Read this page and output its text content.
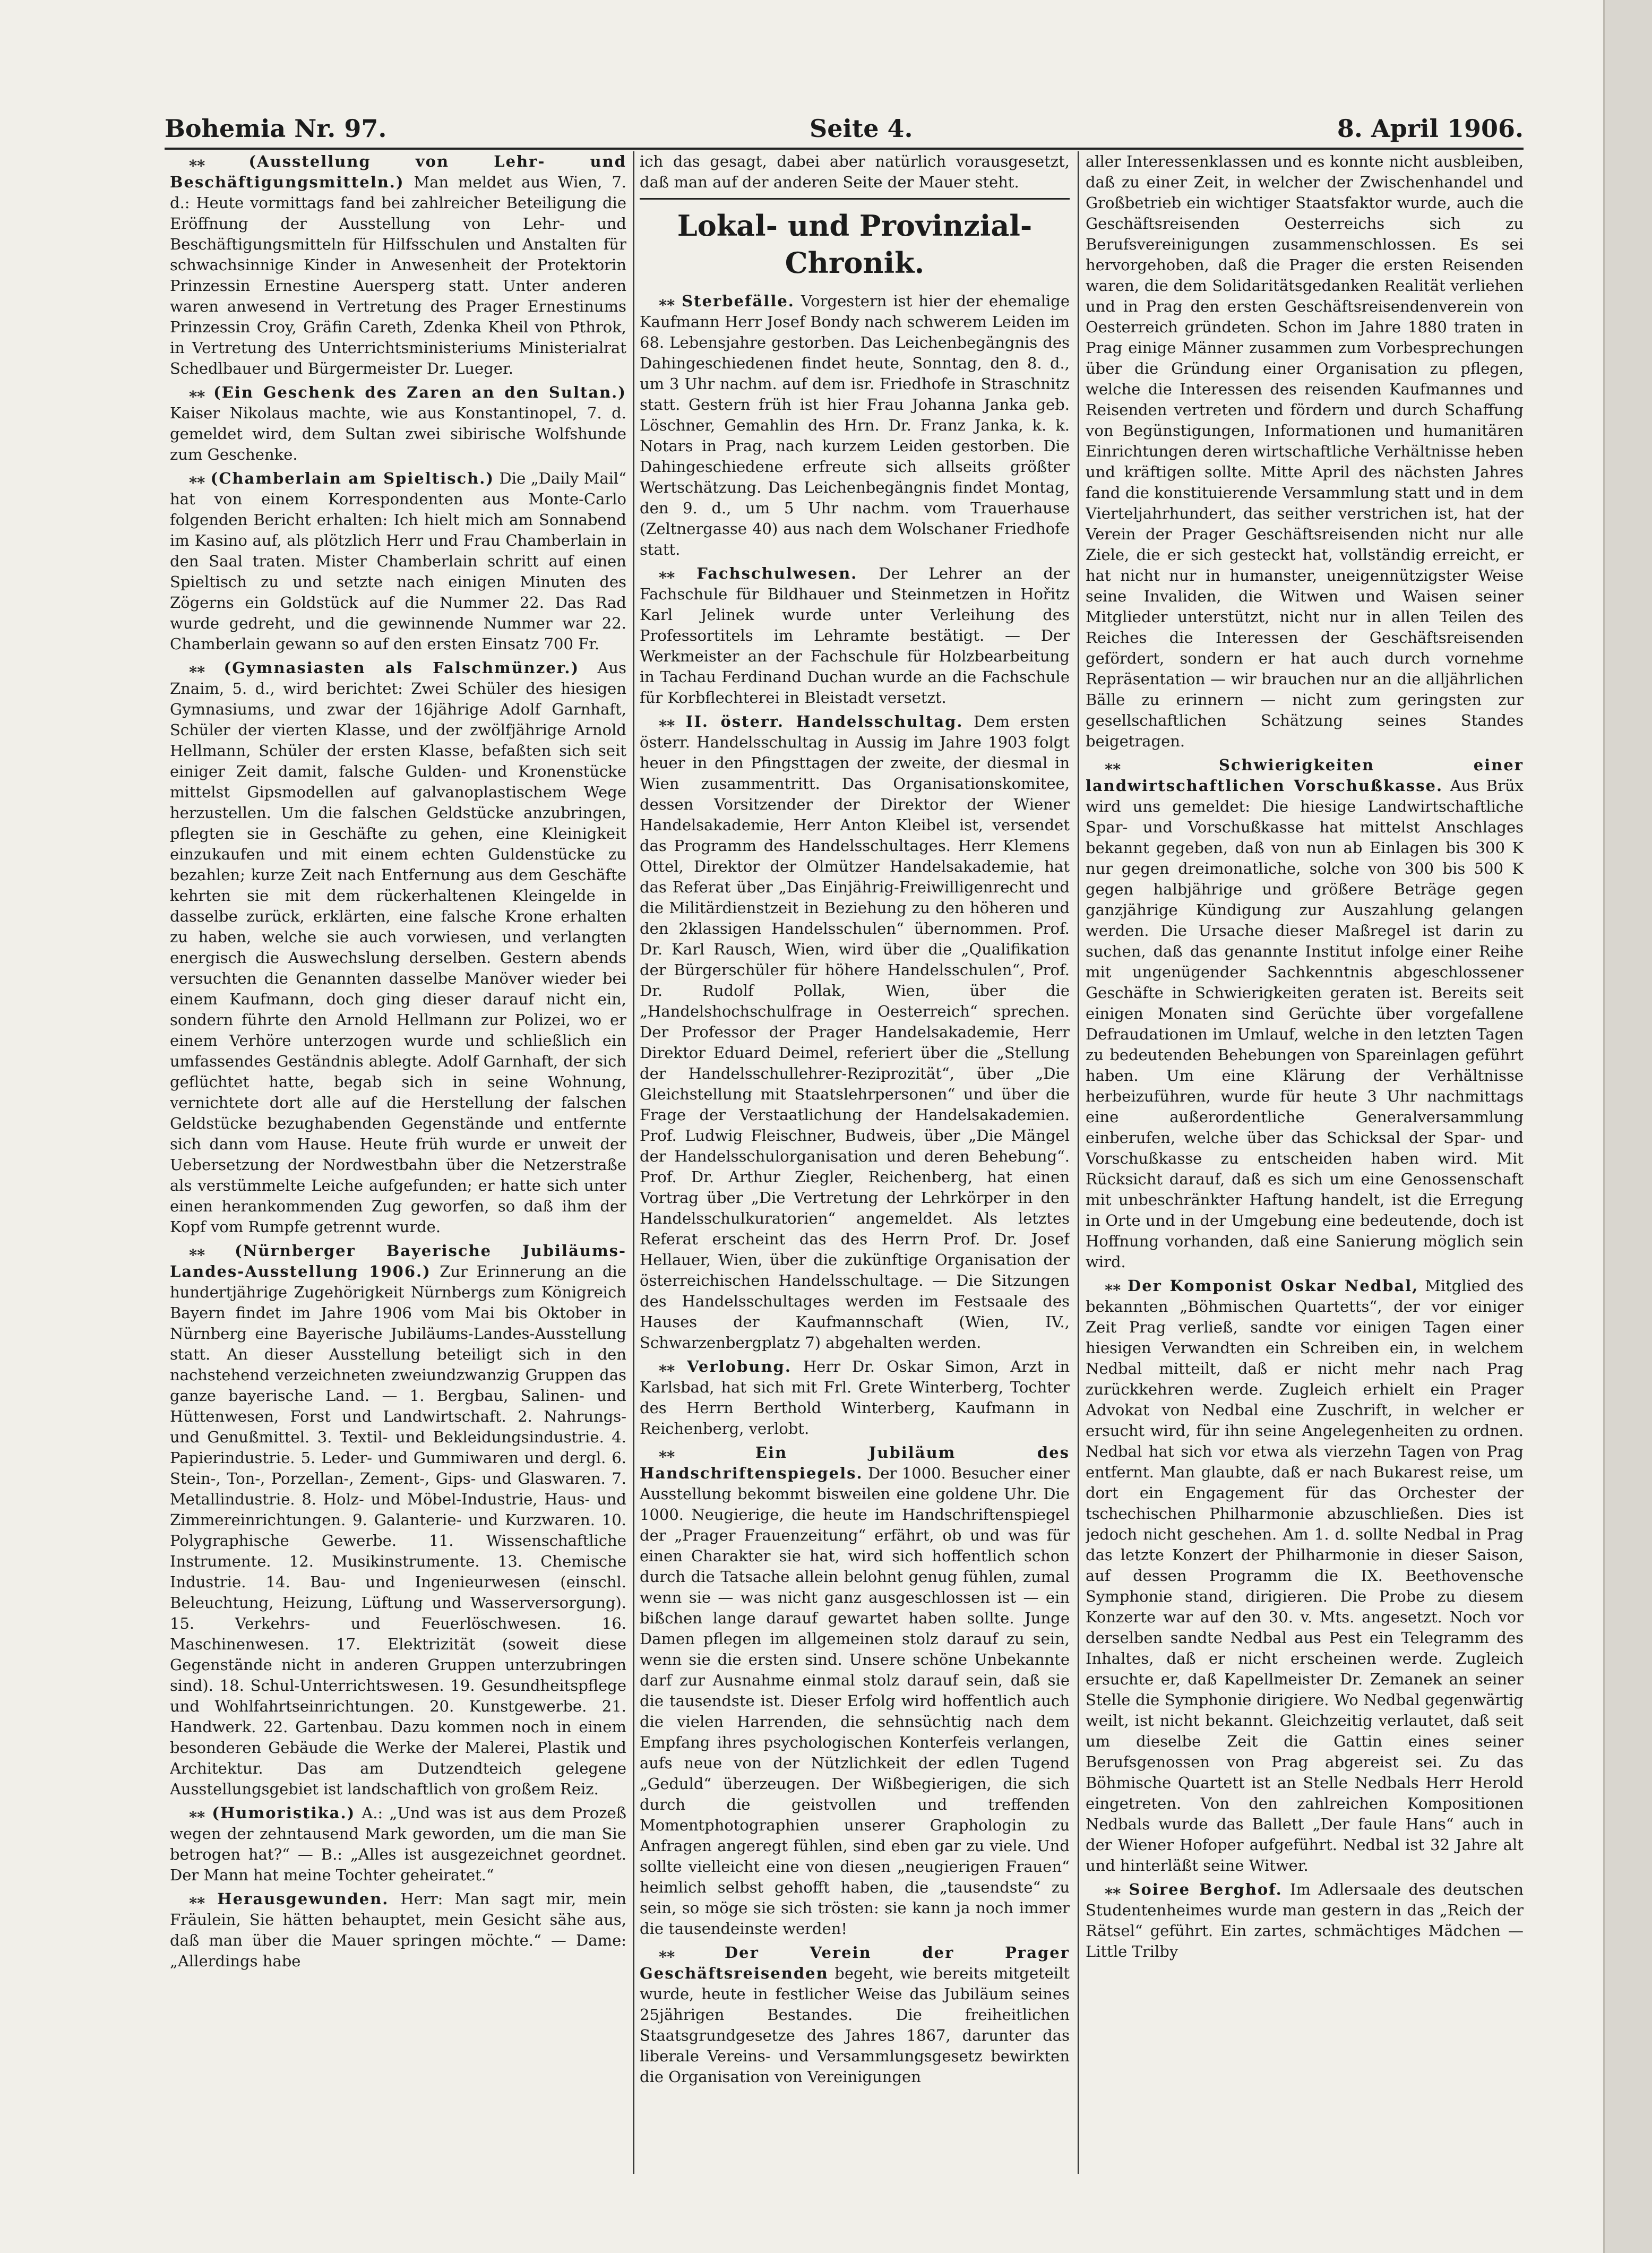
Bohemia Nr. 97.	Seite 4.	8. April 1906.

⁎⁎ (Ausstellung von Lehr- und Beschäftigungsmitteln.) Man meldet aus Wien, 7. d.: Heute vormittags fand bei zahlreicher Beteiligung die Eröffnung der Ausstellung von Lehr- und Beschäftigungsmitteln für Hilfsschulen und Anstalten für schwachsinnige Kinder in Anwesenheit der Protektorin Prinzessin Ernestine Auersperg statt. Unter anderen waren anwesend in Vertretung des Prager Ernestinums Prinzessin Croy, Gräfin Careth, Zdenka Kheil von Pthrok, in Vertretung des Unterrichtsministeriums Ministerialrat Schedlbauer und Bürgermeister Dr. Lueger.

⁎⁎ (Ein Geschenk des Zaren an den Sultan.) Kaiser Nikolaus machte, wie aus Konstantinopel, 7. d. gemeldet wird, dem Sultan zwei sibirische Wolfshunde zum Geschenke.

⁎⁎ (Chamberlain am Spieltisch.) Die „Daily Mail“ hat von einem Korrespondenten aus Monte-Carlo folgenden Bericht erhalten: Ich hielt mich am Sonnabend im Kasino auf, als plötzlich Herr und Frau Chamberlain in den Saal traten. Mister Chamberlain schritt auf einen Spieltisch zu und setzte nach einigen Minuten des Zögerns ein Goldstück auf die Nummer 22. Das Rad wurde gedreht, und die gewinnende Nummer war 22. Chamberlain gewann so auf den ersten Einsatz 700 Fr.

⁎⁎ (Gymnasiasten als Falschmünzer.) Aus Znaim, 5. d., wird berichtet: Zwei Schüler des hiesigen Gymnasiums, und zwar der 16jährige Adolf Garnhaft, Schüler der vierten Klasse, und der zwölfjährige Arnold Hellmann, Schüler der ersten Klasse, befaßten sich seit einiger Zeit damit, falsche Gulden- und Kronenstücke mittelst Gipsmodellen auf galvanoplastischem Wege herzustellen. Um die falschen Geldstücke anzubringen, pflegten sie in Geschäfte zu gehen, eine Kleinigkeit einzukaufen und mit einem echten Guldenstücke zu bezahlen; kurze Zeit nach Entfernung aus dem Geschäfte kehrten sie mit dem rückerhaltenen Kleingelde in dasselbe zurück, erklärten, eine falsche Krone erhalten zu haben, welche sie auch vorwiesen, und verlangten energisch die Auswechslung derselben. Gestern abends versuchten die Genannten dasselbe Manöver wieder bei einem Kaufmann, doch ging dieser darauf nicht ein, sondern führte den Arnold Hellmann zur Polizei, wo er einem Verhöre unterzogen wurde und schließlich ein umfassendes Geständnis ablegte. Adolf Garnhaft, der sich geflüchtet hatte, begab sich in seine Wohnung, vernichtete dort alle auf die Herstellung der falschen Geldstücke bezughabenden Gegenstände und entfernte sich dann vom Hause. Heute früh wurde er unweit der Uebersetzung der Nordwestbahn über die Netzerstraße als verstümmelte Leiche aufgefunden; er hatte sich unter einen herankommenden Zug geworfen, so daß ihm der Kopf vom Rumpfe getrennt wurde.

⁎⁎ (Nürnberger Bayerische Jubiläums-Landes-Ausstellung 1906.) Zur Erinnerung an die hundertjährige Zugehörigkeit Nürnbergs zum Königreich Bayern findet im Jahre 1906 vom Mai bis Oktober in Nürnberg eine Bayerische Jubiläums-Landes-Ausstellung statt. An dieser Ausstellung beteiligt sich in den nachstehend verzeichneten zweiundzwanzig Gruppen das ganze bayerische Land. — 1. Bergbau, Salinen- und Hüttenwesen, Forst und Landwirtschaft. 2. Nahrungs- und Genußmittel. 3. Textil- und Bekleidungsindustrie. 4. Papierindustrie. 5. Leder- und Gummiwaren und dergl. 6. Stein-, Ton-, Porzellan-, Zement-, Gips- und Glaswaren. 7. Metallindustrie. 8. Holz- und Möbel-Industrie, Haus- und Zimmereinrichtungen. 9. Galanterie- und Kurzwaren. 10. Polygraphische Gewerbe. 11. Wissenschaftliche Instrumente. 12. Musikinstrumente. 13. Chemische Industrie. 14. Bau- und Ingenieurwesen (einschl. Beleuchtung, Heizung, Lüftung und Wasserversorgung). 15. Verkehrs- und Feuerlöschwesen. 16. Maschinenwesen. 17. Elektrizität (soweit diese Gegenstände nicht in anderen Gruppen unterzubringen sind). 18. Schul-Unterrichtswesen. 19. Gesundheitspflege und Wohlfahrtseinrichtungen. 20. Kunstgewerbe. 21. Handwerk. 22. Gartenbau. Dazu kommen noch in einem besonderen Gebäude die Werke der Malerei, Plastik und Architektur. Das am Dutzendteich gelegene Ausstellungsgebiet ist landschaftlich von großem Reiz.

⁎⁎ (Humoristika.) A.: „Und was ist aus dem Prozeß wegen der zehntausend Mark geworden, um die man Sie betrogen hat?“ — B.: „Alles ist ausgezeichnet geordnet. Der Mann hat meine Tochter geheiratet.“

⁎⁎ Herausgewunden. Herr: Man sagt mir, mein Fräulein, Sie hätten behauptet, mein Gesicht sähe aus, daß man über die Mauer springen möchte.“ — Dame: „Allerdings habe

ich das gesagt, dabei aber natürlich vorausgesetzt, daß man auf der anderen Seite der Mauer steht.

Lokal- und Provinzial-Chronik.

⁎⁎ Sterbefälle. Vorgestern ist hier der ehemalige Kaufmann Herr Josef Bondy nach schwerem Leiden im 68. Lebensjahre gestorben. Das Leichenbegängnis des Dahingeschiedenen findet heute, Sonntag, den 8. d., um 3 Uhr nachm. auf dem isr. Friedhofe in Straschnitz statt. Gestern früh ist hier Frau Johanna Janka geb. Löschner, Gemahlin des Hrn. Dr. Franz Janka, k. k. Notars in Prag, nach kurzem Leiden gestorben. Die Dahingeschiedene erfreute sich allseits größter Wertschätzung. Das Leichenbegängnis findet Montag, den 9. d., um 5 Uhr nachm. vom Trauerhause (Zeltnergasse 40) aus nach dem Wolschaner Friedhofe statt.

⁎⁎ Fachschulwesen. Der Lehrer an der Fachschule für Bildhauer und Steinmetzen in Hořitz Karl Jelinek wurde unter Verleihung des Professortitels im Lehramte bestätigt. — Der Werkmeister an der Fachschule für Holzbearbeitung in Tachau Ferdinand Duchan wurde an die Fachschule für Korbflechterei in Bleistadt versetzt.

⁎⁎ II. österr. Handelsschultag. Dem ersten österr. Handelsschultag in Aussig im Jahre 1903 folgt heuer in den Pfingsttagen der zweite, der diesmal in Wien zusammentritt. Das Organisationskomitee, dessen Vorsitzender der Direktor der Wiener Handelsakademie, Herr Anton Kleibel ist, versendet das Programm des Handelsschultages. Herr Klemens Ottel, Direktor der Olmützer Handelsakademie, hat das Referat über „Das Einjährig-Freiwilligenrecht und die Militärdienstzeit in Beziehung zu den höheren und den 2klassigen Handelsschulen“ übernommen. Prof. Dr. Karl Rausch, Wien, wird über die „Qualifikation der Bürgerschüler für höhere Handelsschulen“, Prof. Dr. Rudolf Pollak, Wien, über die „Handelshochschulfrage in Oesterreich“ sprechen. Der Professor der Prager Handelsakademie, Herr Direktor Eduard Deimel, referiert über die „Stellung der Handelsschullehrer-Reziprozität“, über „Die Gleichstellung mit Staatslehrpersonen“ und über die Frage der Verstaatlichung der Handelsakademien. Prof. Ludwig Fleischner, Budweis, über „Die Mängel der Handelsschulorganisation und deren Behebung“. Prof. Dr. Arthur Ziegler, Reichenberg, hat einen Vortrag über „Die Vertretung der Lehrkörper in den Handelsschulkuratorien“ angemeldet. Als letztes Referat erscheint das des Herrn Prof. Dr. Josef Hellauer, Wien, über die zukünftige Organisation der österreichischen Handelsschultage. — Die Sitzungen des Handelsschultages werden im Festsaale des Hauses der Kaufmannschaft (Wien, IV., Schwarzenbergplatz 7) abgehalten werden.

⁎⁎ Verlobung. Herr Dr. Oskar Simon, Arzt in Karlsbad, hat sich mit Frl. Grete Winterberg, Tochter des Herrn Berthold Winterberg, Kaufmann in Reichenberg, verlobt.

⁎⁎ Ein Jubiläum des Handschriftenspiegels. Der 1000. Besucher einer Ausstellung bekommt bisweilen eine goldene Uhr. Die 1000. Neugierige, die heute im Handschriftenspiegel der „Prager Frauenzeitung“ erfährt, ob und was für einen Charakter sie hat, wird sich hoffentlich schon durch die Tatsache allein belohnt genug fühlen, zumal wenn sie — was nicht ganz ausgeschlossen ist — ein bißchen lange darauf gewartet haben sollte. Junge Damen pflegen im allgemeinen stolz darauf zu sein, wenn sie die ersten sind. Unsere schöne Unbekannte darf zur Ausnahme einmal stolz darauf sein, daß sie die tausendste ist. Dieser Erfolg wird hoffentlich auch die vielen Harrenden, die sehnsüchtig nach dem Empfang ihres psychologischen Konterfeis verlangen, aufs neue von der Nützlichkeit der edlen Tugend „Geduld“ überzeugen. Der Wißbegierigen, die sich durch die geistvollen und treffenden Momentphotographien unserer Graphologin zu Anfragen angeregt fühlen, sind eben gar zu viele. Und sollte vielleicht eine von diesen „neugierigen Frauen“ heimlich selbst gehofft haben, die „tausendste“ zu sein, so möge sie sich trösten: sie kann ja noch immer die tausendeinste werden!

⁎⁎ Der Verein der Prager Geschäftsreisenden begeht, wie bereits mitgeteilt wurde, heute in festlicher Weise das Jubiläum seines 25jährigen Bestandes. Die freiheitlichen Staatsgrundgesetze des Jahres 1867, darunter das liberale Vereins- und Versammlungsgesetz bewirkten die Organisation von Vereinigungen

aller Interessenklassen und es konnte nicht ausbleiben, daß zu einer Zeit, in welcher der Zwischenhandel und Großbetrieb ein wichtiger Staatsfaktor wurde, auch die Geschäftsreisenden Oesterreichs sich zu Berufsvereinigungen zusammenschlossen. Es sei hervorgehoben, daß die Prager die ersten Reisenden waren, die dem Solidaritätsgedanken Realität verliehen und in Prag den ersten Geschäftsreisendenverein von Oesterreich gründeten. Schon im Jahre 1880 traten in Prag einige Männer zusammen zum Vorbesprechungen über die Gründung einer Organisation zu pflegen, welche die Interessen des reisenden Kaufmannes und Reisenden vertreten und fördern und durch Schaffung von Begünstigungen, Informationen und humanitären Einrichtungen deren wirtschaftliche Verhältnisse heben und kräftigen sollte. Mitte April des nächsten Jahres fand die konstituierende Versammlung statt und in dem Vierteljahrhundert, das seither verstrichen ist, hat der Verein der Prager Geschäftsreisenden nicht nur alle Ziele, die er sich gesteckt hat, vollständig erreicht, er hat nicht nur in humanster, uneigennützigster Weise seine Invaliden, die Witwen und Waisen seiner Mitglieder unterstützt, nicht nur in allen Teilen des Reiches die Interessen der Geschäftsreisenden gefördert, sondern er hat auch durch vornehme Repräsentation — wir brauchen nur an die alljährlichen Bälle zu erinnern — nicht zum geringsten zur gesellschaftlichen Schätzung seines Standes beigetragen.

⁎⁎ Schwierigkeiten einer landwirtschaftlichen Vorschußkasse. Aus Brüx wird uns gemeldet: Die hiesige Landwirtschaftliche Spar- und Vorschußkasse hat mittelst Anschlages bekannt gegeben, daß von nun ab Einlagen bis 300 K nur gegen dreimonatliche, solche von 300 bis 500 K gegen halbjährige und größere Beträge gegen ganzjährige Kündigung zur Auszahlung gelangen werden. Die Ursache dieser Maßregel ist darin zu suchen, daß das genannte Institut infolge einer Reihe mit ungenügender Sachkenntnis abgeschlossener Geschäfte in Schwierigkeiten geraten ist. Bereits seit einigen Monaten sind Gerüchte über vorgefallene Defraudationen im Umlauf, welche in den letzten Tagen zu bedeutenden Behebungen von Spareinlagen geführt haben. Um eine Klärung der Verhältnisse herbeizuführen, wurde für heute 3 Uhr nachmittags eine außerordentliche Generalversammlung einberufen, welche über das Schicksal der Spar- und Vorschußkasse zu entscheiden haben wird. Mit Rücksicht darauf, daß es sich um eine Genossenschaft mit unbeschränkter Haftung handelt, ist die Erregung in Orte und in der Umgebung eine bedeutende, doch ist Hoffnung vorhanden, daß eine Sanierung möglich sein wird.

⁎⁎ Der Komponist Oskar Nedbal, Mitglied des bekannten „Böhmischen Quartetts“, der vor einiger Zeit Prag verließ, sandte vor einigen Tagen einer hiesigen Verwandten ein Schreiben ein, in welchem Nedbal mitteilt, daß er nicht mehr nach Prag zurückkehren werde. Zugleich erhielt ein Prager Advokat von Nedbal eine Zuschrift, in welcher er ersucht wird, für ihn seine Angelegenheiten zu ordnen. Nedbal hat sich vor etwa als vierzehn Tagen von Prag entfernt. Man glaubte, daß er nach Bukarest reise, um dort ein Engagement für das Orchester der tschechischen Philharmonie abzuschließen. Dies ist jedoch nicht geschehen. Am 1. d. sollte Nedbal in Prag das letzte Konzert der Philharmonie in dieser Saison, auf dessen Programm die IX. Beethovensche Symphonie stand, dirigieren. Die Probe zu diesem Konzerte war auf den 30. v. Mts. angesetzt. Noch vor derselben sandte Nedbal aus Pest ein Telegramm des Inhaltes, daß er nicht erscheinen werde. Zugleich ersuchte er, daß Kapellmeister Dr. Zemanek an seiner Stelle die Symphonie dirigiere. Wo Nedbal gegenwärtig weilt, ist nicht bekannt. Gleichzeitig verlautet, daß seit um dieselbe Zeit die Gattin eines seiner Berufsgenossen von Prag abgereist sei. Zu das Böhmische Quartett ist an Stelle Nedbals Herr Herold eingetreten. Von den zahlreichen Kompositionen Nedbals wurde das Ballett „Der faule Hans“ auch in der Wiener Hofoper aufgeführt. Nedbal ist 32 Jahre alt und hinterläßt seine Witwer.

⁎⁎ Soiree Berghof. Im Adlersaale des deutschen Studentenheimes wurde man gestern in das „Reich der Rätsel“ geführt. Ein zartes, schmächtiges Mädchen — Little Trilby
